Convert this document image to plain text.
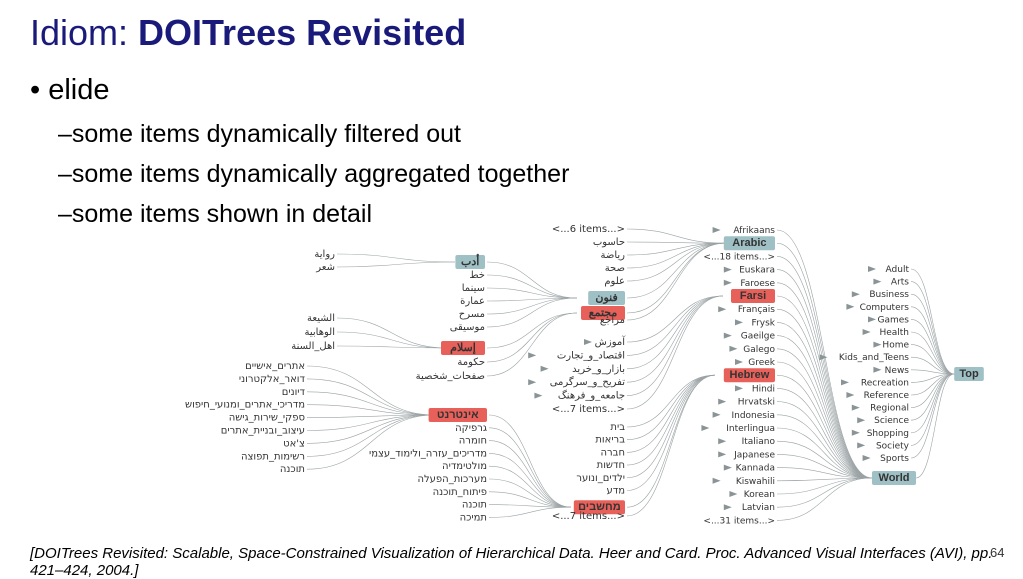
Idiom: DOITrees Revisited
• elide
–some items dynamically filtered out
–some items dynamically aggregated together
–some items shown in detail
Top
World
Adult
Arts
Business
Computers
Games
Health
Home
Kids_and_Teens
News
Recreation
Reference
Regional
Science
Shopping
Society
Sports
Afrikaans
Arabic
<...18 items...>
Euskara
Faroese
Farsi
Français
Frysk
Gaeilge
Galego
Greek
Hebrew
Hindi
Hrvatski
Indonesia
Interlingua
Italiano
Japanese
Kannada
Kiswahili
Korean
Latvian
<...31 items...>
<...6 items...>
حاسوب
رياضة
صحة
علوم
فنون
مجتمع
مراجع
أدب
خط
سينما
عمارة
مسرح
موسيقى
رواية
شعر
إسلام
حكومة
صفحات_شخصية
الشيعة
الوهابية
اهل_السنة	آموزش
اقتصاد_و_تجارت
بازار_و_خرید
تفریح_و_سرگرمی
جامعه_و_فرهنگ
<...7 items...>
בית
בריאות
חברה
חדשות
ילדים_ונוער
מדע
מחשבים
<...7 items...>
אינטרנט
גרפיקה
חומרה
מדריכים_עזרה_ולימוד_עצמי
מולטימדיה
מערכות_הפעלה
פיתוח_תוכנה
תוכנה
תמיכה
אתרים_אישיים
דואר_אלקטרוני
דיונים
מדריכי_אתרים_ומנועי_חיפוש
ספקי_שירות_גישה
עיצוב_ובניית_אתרים
צ'אט
רשימות_תפוצה
תוכנה
[DOITrees Revisited: Scalable, Space-Constrained Visualization of Hierarchical Data. Heer and Card. Proc. Advanced Visual Interfaces (AVI), pp.
421–424, 2004.]
64
